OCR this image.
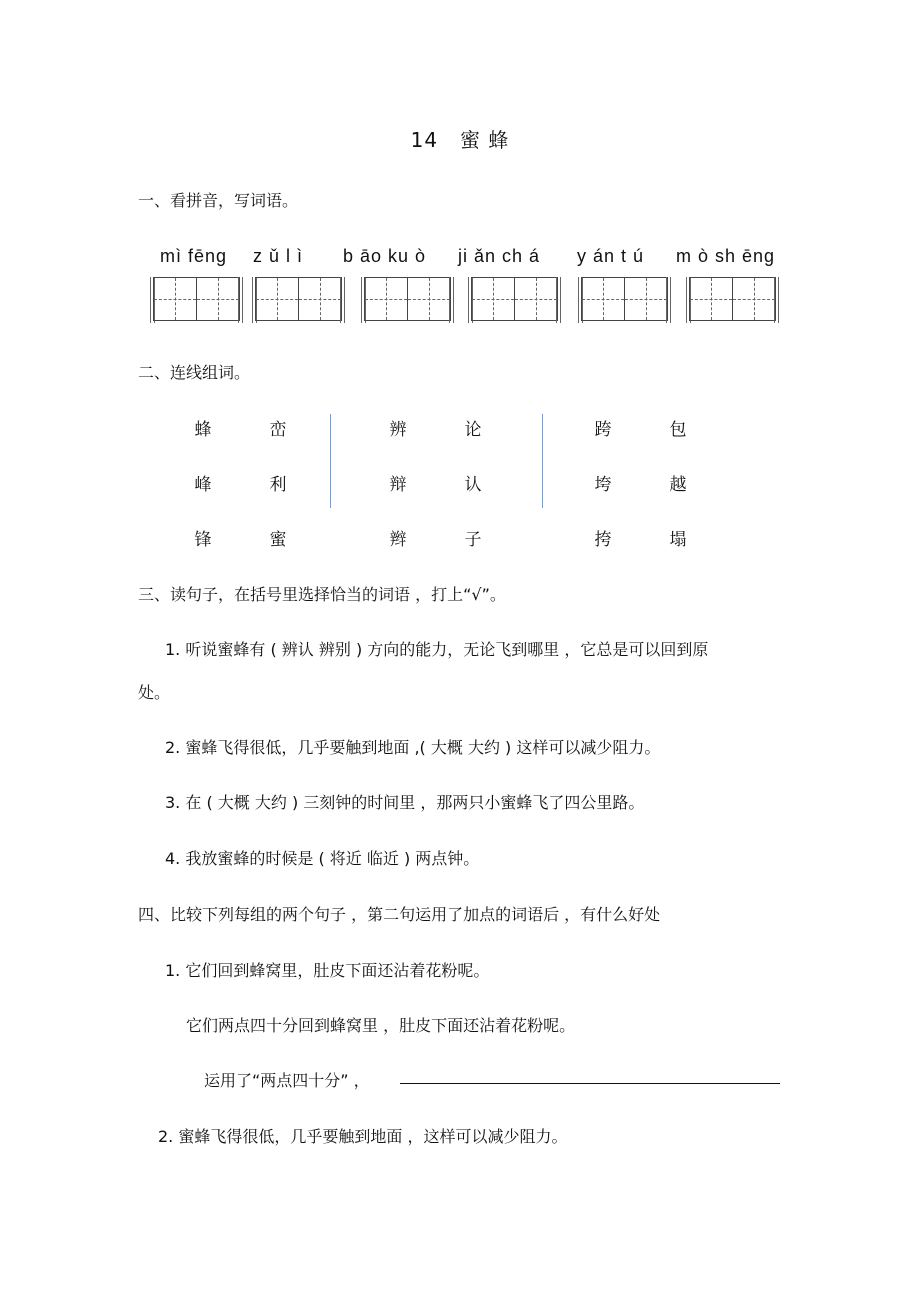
14 蜜 蜂
一、看拼音，写词语。
mì fēng z ǔ l ì b āo ku ò ji ǎn ch á y án t ú m ò sh ēng
二、连线组词。
蜂
峰
锋
峦
利
蜜
辨
辩
辫
论
认
子
跨
垮
挎
包
越
塌
三、读句子，在括号里选择恰当的词语 ，打上“√”。
1. 听说蜜蜂有 ( 辨认 辨别 ) 方向的能力，无论飞到哪里 ，它总是可以回到原
处。
2. 蜜蜂飞得很低，几乎要触到地面 ,( 大概 大约 ) 这样可以减少阻力。
3. 在 ( 大概 大约 ) 三刻钟的时间里 ，那两只小蜜蜂飞了四公里路。
4. 我放蜜蜂的时候是 ( 将近 临近 ) 两点钟。
四、比较下列每组的两个句子 ，第二句运用了加点的词语后 ，有什么好处
1. 它们回到蜂窝里，肚皮下面还沾着花粉呢。
它们两点四十分回到蜂窝里 ，肚皮下面还沾着花粉呢。
运用了“两点四十分” ，
2. 蜜蜂飞得很低，几乎要触到地面 ，这样可以减少阻力。
